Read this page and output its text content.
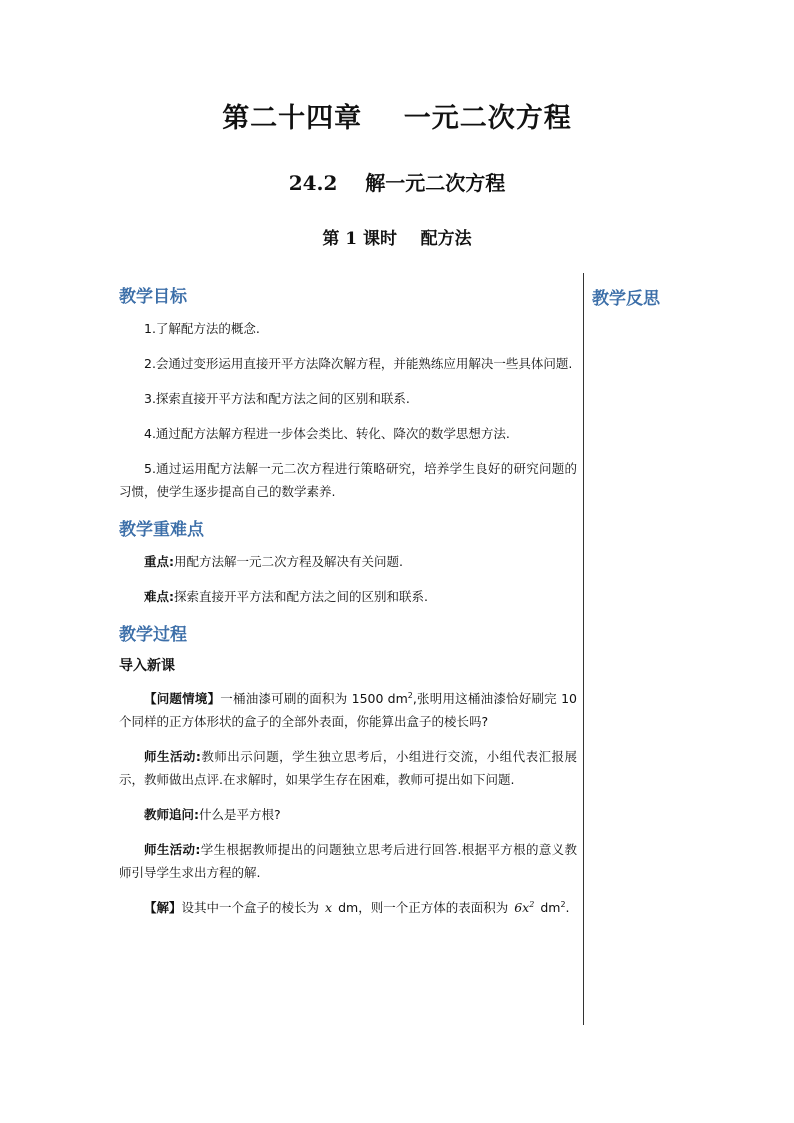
第二十四章    一元二次方程
24.2    解一元二次方程
第 1 课时    配方法
教学反思
教学目标

1.了解配方法的概念.

2.会通过变形运用直接开平方法降次解方程，并能熟练应用解决一些具体问题.

3.探索直接开平方法和配方法之间的区别和联系.

4.通过配方法解方程进一步体会类比、转化、降次的数学思想方法.

5.通过运用配方法解一元二次方程进行策略研究，培养学生良好的研究问题的习惯，使学生逐步提高自己的数学素养.

教学重难点

重点:用配方法解一元二次方程及解决有关问题.

难点:探索直接开平方法和配方法之间的区别和联系.

教学过程
导入新课

【问题情境】一桶油漆可刷的面积为 1500 $dm^2$,张明用这桶油漆恰好刷完 10 个同样的正方体形状的盒子的全部外表面，你能算出盒子的棱长吗?

师生活动:教师出示问题，学生独立思考后，小组进行交流，小组代表汇报展示，教师做出点评.在求解时，如果学生存在困难，教师可提出如下问题.

教师追问:什么是平方根?

师生活动:学生根据教师提出的问题独立思考后进行回答.根据平方根的意义教师引导学生求出方程的解.

【解】设其中一个盒子的棱长为 x dm，则一个正方体的表面积为 $6x^2$ $dm^2$.
